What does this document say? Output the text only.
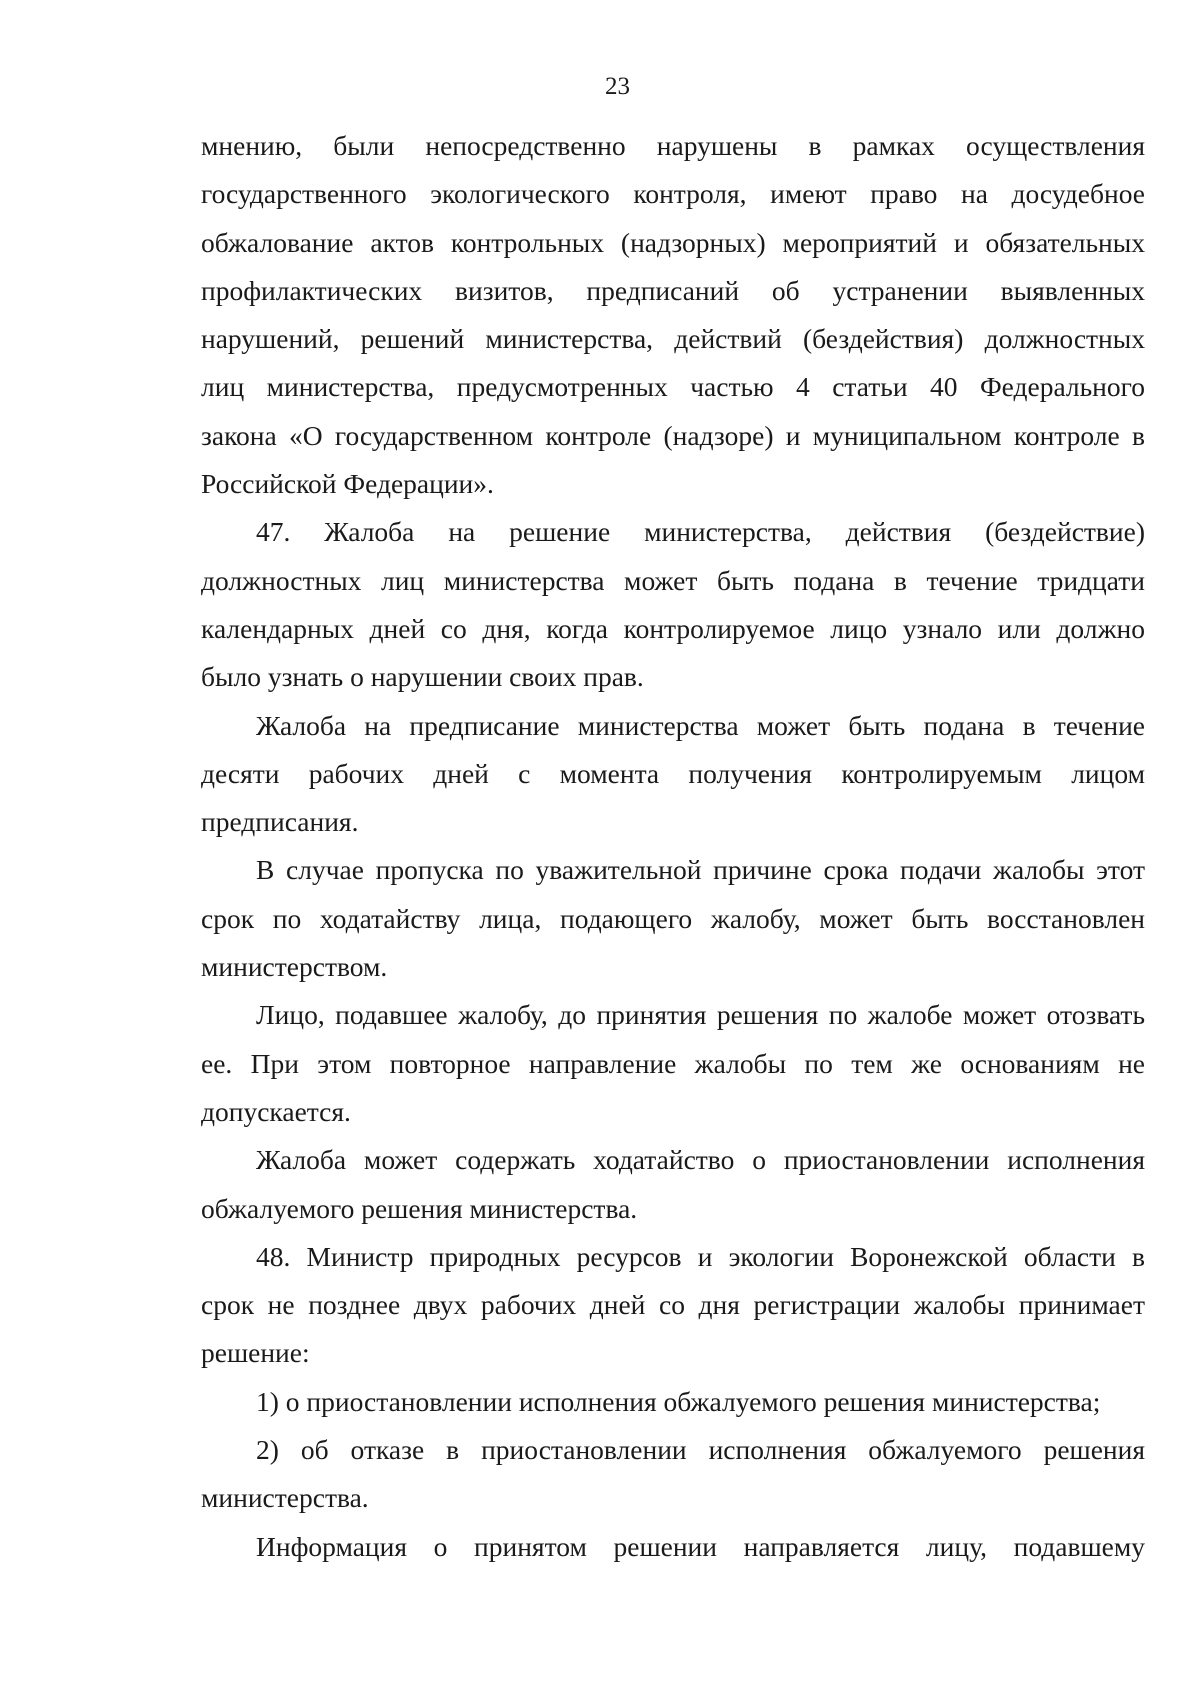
23

мнению, были непосредственно нарушены в рамках осуществления

государственного экологического контроля, имеют право на досудебное

обжалование актов контрольных (надзорных) мероприятий и обязательных

профилактических визитов, предписаний об устранении выявленных

нарушений, решений министерства, действий (бездействия) должностных

лиц министерства, предусмотренных частью 4 статьи 40 Федерального

закона «О государственном контроле (надзоре) и муниципальном контроле в

Российской Федерации».

47. Жалоба на решение министерства, действия (бездействие)

должностных лиц министерства может быть подана в течение тридцати

календарных дней со дня, когда контролируемое лицо узнало или должно

было узнать о нарушении своих прав.

Жалоба на предписание министерства может быть подана в течение

десяти рабочих дней с момента получения контролируемым лицом

предписания.

В случае пропуска по уважительной причине срока подачи жалобы этот

срок по ходатайству лица, подающего жалобу, может быть восстановлен

министерством.

Лицо, подавшее жалобу, до принятия решения по жалобе может отозвать

ее. При этом повторное направление жалобы по тем же основаниям не

допускается.

Жалоба может содержать ходатайство о приостановлении исполнения

обжалуемого решения министерства.

48. Министр природных ресурсов и экологии Воронежской области в

срок не позднее двух рабочих дней со дня регистрации жалобы принимает

решение:

1) о приостановлении исполнения обжалуемого решения министерства;

2) об отказе в приостановлении исполнения обжалуемого решения

министерства.

Информация о принятом решении направляется лицу, подавшему
